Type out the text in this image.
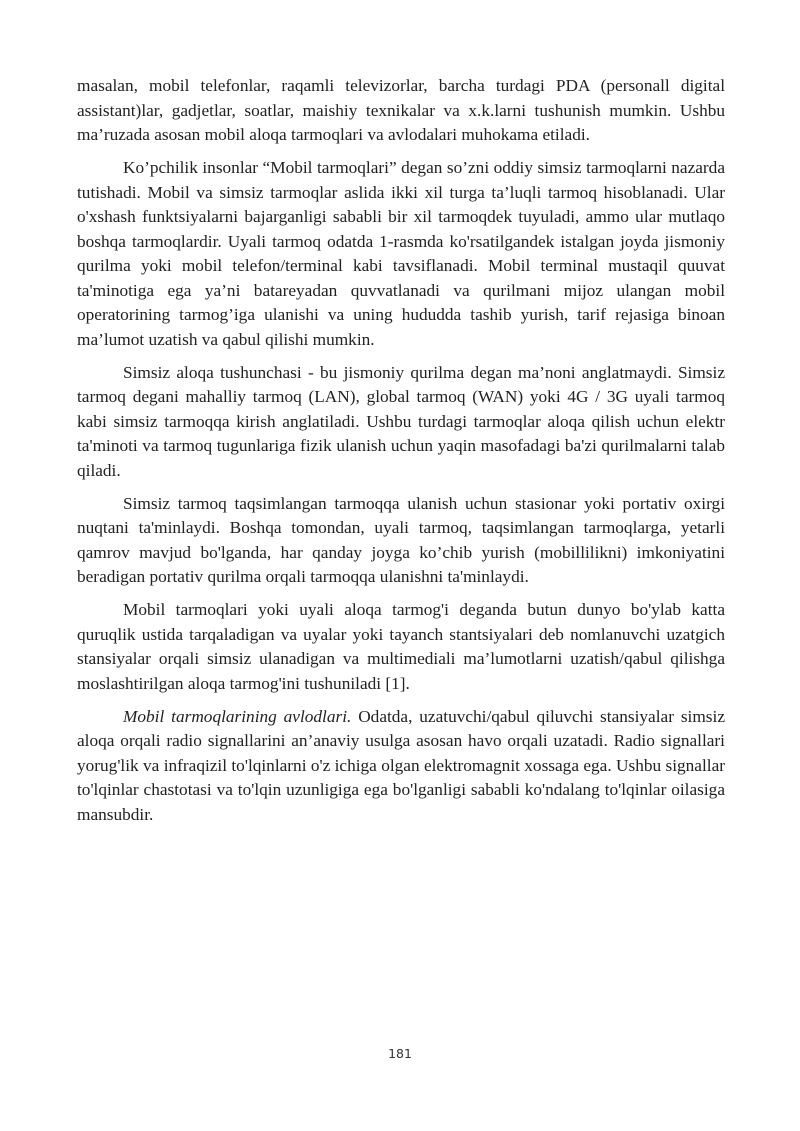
masalan, mobil telefonlar, raqamli televizorlar, barcha turdagi PDA (personall digital assistant)lar, gadjetlar, soatlar, maishiy texnikalar va x.k.larni tushunish mumkin. Ushbu ma’ruzada asosan mobil aloqa tarmoqlari va avlodalari muhokama etiladi.

Ko’pchilik insonlar “Mobil tarmoqlari” degan so’zni oddiy simsiz tarmoqlarni nazarda tutishadi. Mobil va simsiz tarmoqlar aslida ikki xil turga ta’luqli tarmoq hisoblanadi. Ular o'xshash funktsiyalarni bajarganligi sababli bir xil tarmoqdek tuyuladi, ammo ular mutlaqo boshqa tarmoqlardir. Uyali tarmoq odatda 1-rasmda ko'rsatilgandek istalgan joyda jismoniy qurilma yoki mobil telefon/terminal kabi tavsiflanadi. Mobil terminal mustaqil quuvat ta'minotiga ega ya’ni batareyadan quvvatlanadi va qurilmani mijoz ulangan mobil operatorining tarmog’iga ulanishi va uning hududda tashib yurish, tarif rejasiga binoan ma’lumot uzatish va qabul qilishi mumkin.

Simsiz aloqa tushunchasi - bu jismoniy qurilma degan ma’noni anglatmaydi. Simsiz tarmoq degani mahalliy tarmoq (LAN), global tarmoq (WAN) yoki 4G / 3G uyali tarmoq kabi simsiz tarmoqqa kirish anglatiladi. Ushbu turdagi tarmoqlar aloqa qilish uchun elektr ta'minoti va tarmoq tugunlariga fizik ulanish uchun yaqin masofadagi ba'zi qurilmalarni talab qiladi.

Simsiz tarmoq taqsimlangan tarmoqqa ulanish uchun stasionar yoki portativ oxirgi nuqtani ta'minlaydi. Boshqa tomondan, uyali tarmoq, taqsimlangan tarmoqlarga, yetarli qamrov mavjud bo'lganda, har qanday joyga ko’chib yurish (mobillilikni) imkoniyatini beradigan portativ qurilma orqali tarmoqqa ulanishni ta'minlaydi.

Mobil tarmoqlari yoki uyali aloqa tarmog'i deganda butun dunyo bo'ylab katta quruqlik ustida tarqaladigan va uyalar yoki tayanch stantsiyalari deb nomlanuvchi uzatgich stansiyalar orqali simsiz ulanadigan va multimediali ma’lumotlarni uzatish/qabul qilishga moslashtirilgan aloqa tarmog'ini tushuniladi [1].

Mobil tarmoqlarining avlodlari. Odatda, uzatuvchi/qabul qiluvchi stansiyalar simsiz aloqa orqali radio signallarini an’anaviy usulga asosan havo orqali uzatadi. Radio signallari yorug'lik va infraqizil to'lqinlarni o'z ichiga olgan elektromagnit xossaga ega. Ushbu signallar to'lqinlar chastotasi va to'lqin uzunligiga ega bo'lganligi sababli ko'ndalang to'lqinlar oilasiga mansubdir.

181
